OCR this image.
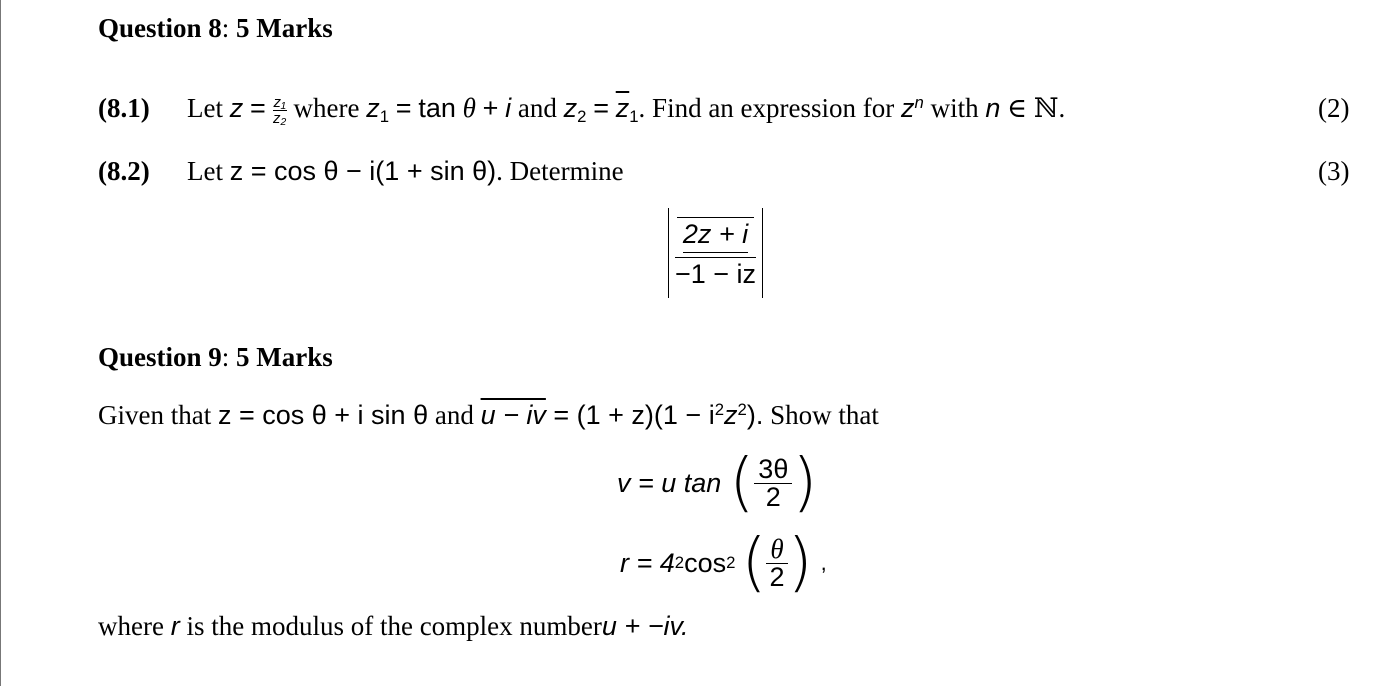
Question 8: 5 Marks
(8.1) Let $z = \frac{\text{z₁}}{\text{z₂}}$ where $z_1 = \tan \theta + i$ and $z_2 = \overline{z}_1$. Find an expression for $z^n$ with n ∈ ℕ.	(2)
(8.2) Let z = cos θ − i(1 + sin θ). Determine	(3)
$\frac{2z + i}{-1 - iz}$
Question 9: 5 Marks
Given that z = cos θ + i sin θ and u − iv = $(1 + z)(1 - i^2z^2)$. Show that
v = u tan ( $\frac{3\theta}{2}$ )
r = 4 2 cos 2 ( $\frac{\theta}{2}$ ) ,
where r is the modulus of the complex numberu + −iv.
